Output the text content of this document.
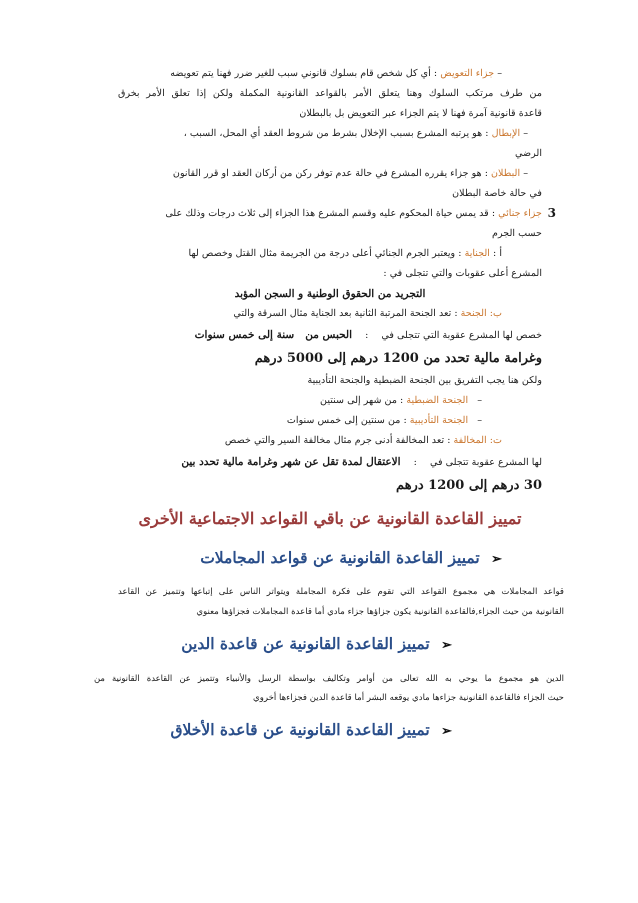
– جزاء التعويض : أي كل شخص قام بسلوك قانوني سبب للغير ضرر فهنا يتم تعويضه

من طرف مرتكب السلوك وهنا يتعلق الأمر بالقواعد القانونية المكملة ولكن إذا تعلق الأمر بخرق

قاعدة قانونية آمرة فهنا لا يتم الجزاء عبر التعويض بل بالبطلان

– الإبطال : هو يرتبه المشرع بسبب الإخلال بشرط من شروط العقد أي المحل، السبب ،

الرضي

– البطلان : هو جزاء يقرره المشرع في حالة عدم توفر ركن من أركان العقد او قرر القانون

في حالة خاصة البطلان

3

جزاء جنائي : قد يمس حياة المحكوم عليه وقسم المشرع هذا الجزاء إلى ثلاث درجات وذلك على

حسب الجرم

أ : الجناية : ويعتبر الجرم الجنائي أعلى درجة من الجريمة مثال القتل وخصص لها

المشرع أعلى عقوبات والتي تتجلى في :

التجريد من الحقوق الوطنية و السجن المؤبد

ب: الجنحة : تعد الجنحة المرتبة الثانية بعد الجناية مثال السرقة والتي

خصص لها المشرع عقوبة التي تتجلى في : الحبس من سنة إلى خمس سنوات

وغرامة مالية تحدد من 1200 درهم إلى 5000 درهم

ولكن هنا يجب التفريق بين الجنحة الضبطية والجنحة التأديبية

– الجنحة الضبطية : من شهر إلى سنتين

– الجنحة التأديبية : من سنتين إلى خمس سنوات

ت: المخالفة : تعد المخالفة أدنى جرم مثال مخالفة السير والتي خصص

لها المشرع عقوبة تتجلى في : الاعتقال لمدة تقل عن شهر وغرامة مالية تحدد بين

30 درهم إلى 1200 درهم

تمييز القاعدة القانونية عن باقي القواعد الاجتماعية الأخرى
➢ تمييز القاعدة القانونية عن قواعد المجاملات

قواعد المجاملات هي مجموع القواعد التي تقوم على فكرة المجاملة ويتواتر الناس على إتباعها وتتميز عن القاعد

القانونية من حيث الجزاء,فالقاعدة القانونية يكون جزاؤها جزاء مادي أما قاعدة المجاملات فجزاؤها معنوي

➢ تمييز القاعدة القانونية عن قاعدة الدين

الدين هو مجموع ما يوحي به الله تعالى من أوامر وتكاليف بواسطة الرسل والأنبياء وتتميز عن القاعدة القانونية من

حيث الجزاء فالقاعدة القانونية جزاءها مادي يوقعه البشر أما قاعدة الدين فجزاءها أخروي

➢ تمييز القاعدة القانونية عن قاعدة الأخلاق
